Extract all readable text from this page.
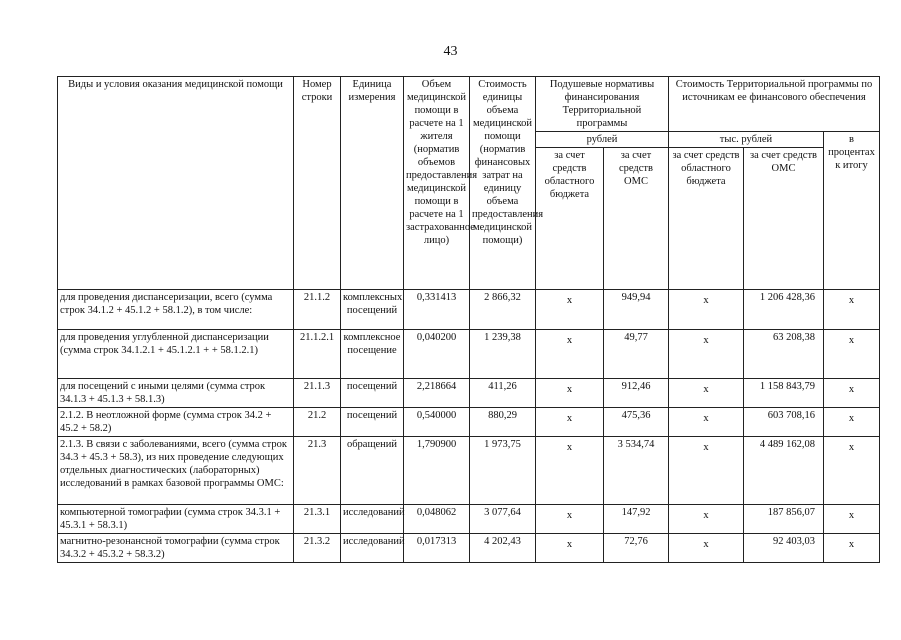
43
Виды и условия оказания медицинской помощи	Номер строки	Единица измерения	Объем медицинской помощи в расчете на 1 жителя (норматив объемов предоставления медицинской помощи в расчете на 1 застрахованное лицо)	Стоимость единицы объема медицинской помощи (норматив финансовых затрат на единицу объема предоставления медицинской помощи)	Подушевые нормативы финансирования Территориальной программы		Стоимость Территориальной программы по источникам ее финансового обеспечения		
					рублей		тыс. рублей		в процентах к итогу
					за счет средств областного бюджета	за счет средств ОМС	за счет средств областного бюджета	за счет средств ОМС	
для проведения диспансеризации, всего (сумма строк 34.1.2 + 45.1.2 + 58.1.2), в том числе:	21.1.2	комплексных посещений	0,331413	2 866,32	х	949,94	х	1 206 428,36	х
для проведения углубленной диспансеризации (сумма строк 34.1.2.1 + 45.1.2.1 + + 58.1.2.1)	21.1.2.1	комплексное посещение	0,040200	1 239,38	х	49,77	х	63 208,38	х
для посещений с иными целями (сумма строк 34.1.3 + 45.1.3 + 58.1.3)	21.1.3	посещений	2,218664	411,26	х	912,46	х	1 158 843,79	х
2.1.2. В неотложной форме (сумма строк 34.2 + 45.2 + 58.2)	21.2	посещений	0,540000	880,29	х	475,36	х	603 708,16	х
2.1.3. В связи с заболеваниями, всего (сумма строк 34.3 + 45.3 + 58.3), из них проведение следующих отдельных диагностических (лабораторных) исследований в рамках базовой программы ОМС:	21.3	обращений	1,790900	1 973,75	х	3 534,74	х	4 489 162,08	х
компьютерной томографии (сумма строк 34.3.1 + 45.3.1 + 58.3.1)	21.3.1	исследований	0,048062	3 077,64	х	147,92	х	187 856,07	х
магнитно-резонансной томографии (сумма строк 34.3.2 + 45.3.2 + 58.3.2)	21.3.2	исследований	0,017313	4 202,43	х	72,76	х	92 403,03	х
